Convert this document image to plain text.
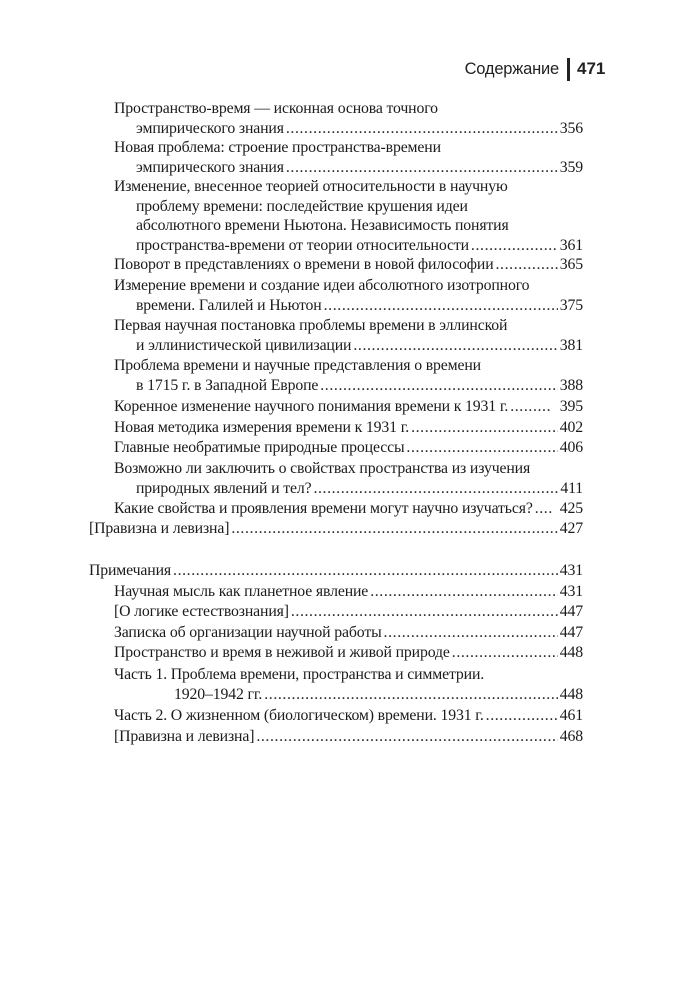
Содержание 471
Пространство-время — исконная основа точного
эмпирического знания .....	356
Новая проблема: строение пространства-времени
эмпирического знания .....	359
Изменение, внесенное теорией относительности в научную
проблему времени: последействие крушения идеи
абсолютного времени Ньютона. Независимость понятия
пространства-времени от теории относительности .....	361
Поворот в представлениях о времени в новой философии .....	365
Измерение времени и создание идеи абсолютного изотропного
времени. Галилей и Ньютон .....	375
Первая научная постановка проблемы времени в эллинской
и эллинистической цивилизации .....	381
Проблема времени и научные представления о времени
в 1715 г. в Западной Европе .....	388
Коренное изменение научного понимания времени к 1931 г. .....	395
Новая методика измерения времени к 1931 г. .....	402
Главные необратимые природные процессы .....	406
Возможно ли заключить о свойствах пространства из изучения
природных явлений и тел? .....	411
Какие свойства и проявления времени могут научно изучаться? ..... 425
[Правизна и левизна] .....	427
Примечания .....	431
Научная мысль как планетное явление .....	431
[О логике естествознания] .....	447
Записка об организации научной работы .....	447
Пространство и время в неживой и живой природе .....	448
Часть 1. Проблема времени, пространства и симметрии.
1920–1942 гг. .....	448
Часть 2. О жизненном (биологическом) времени. 1931 г. .....	461
[Правизна и левизна] .....	468
